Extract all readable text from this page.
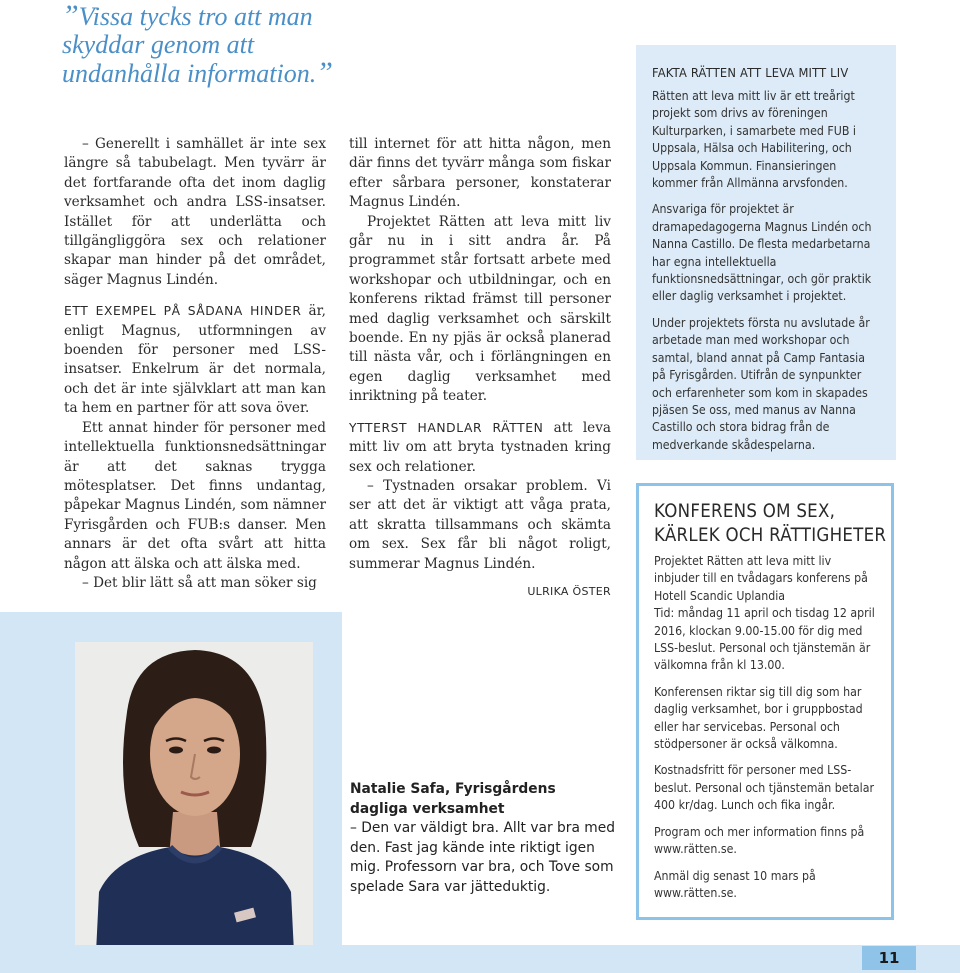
”Vissa tycks tro att man skyddar genom att undanhålla information.”

– Generellt i samhället är inte sex längre så tabubelagt. Men tyvärr är det fortfarande ofta det inom daglig verksamhet och andra LSS-insatser. Istället för att underlätta och tillgängliggöra sex och relationer skapar man hinder på det området, säger Magnus Lindén.

ETT EXEMPEL PÅ SÅDANA HINDER är, enligt Magnus, utformningen av boenden för personer med LSS-insatser. Enkelrum är det normala, och det är inte självklart att man kan ta hem en partner för att sova över.

Ett annat hinder för personer med intellektuella funktionsnedsättningar är att det saknas trygga mötesplatser. Det finns undantag, påpekar Magnus Lindén, som nämner Fyrisgården och FUB:s danser. Men annars är det ofta svårt att hitta någon att älska och att älska med.

– Det blir lätt så att man söker sig

till internet för att hitta någon, men där finns det tyvärr många som fiskar efter sårbara personer, konstaterar Magnus Lindén.

Projektet Rätten att leva mitt liv går nu in i sitt andra år. På programmet står fortsatt arbete med workshopar och utbildningar, och en konferens riktad främst till personer med daglig verksamhet och särskilt boende. En ny pjäs är också planerad till nästa vår, och i förlängningen en egen daglig verksamhet med inriktning på teater.

YTTERST HANDLAR RÄTTEN att leva mitt liv om att bryta tystnaden kring sex och relationer.

– Tystnaden orsakar problem. Vi ser att det är viktigt att våga prata, att skratta tillsammans och skämta om sex. Sex får bli något roligt, summerar Magnus Lindén.

ULRIKA ÖSTER

FAKTA RÄTTEN ATT LEVA MITT LIV

Rätten att leva mitt liv är ett treårigt projekt som drivs av föreningen Kulturparken, i samarbete med FUB i Uppsala, Hälsa och Habilitering, och Uppsala Kommun. Finansieringen kommer från Allmänna arvsfonden.

Ansvariga för projektet är dramapedagogerna Magnus Lindén och Nanna Castillo. De flesta medarbetarna har egna intellektuella funktionsnedsättningar, och gör praktik eller daglig verksamhet i projektet.

Under projektets första nu avslutade år arbetade man med workshopar och samtal, bland annat på Camp Fantasia på Fyrisgården. Utifrån de synpunkter och erfarenheter som kom in skapades pjäsen Se oss, med manus av Nanna Castillo och stora bidrag från de medverkande skådespelarna.

KONFERENS OM SEX,
KÄRLEK OCH RÄTTIGHETER

Projektet Rätten att leva mitt liv inbjuder till en tvådagars konferens på Hotell Scandic Uplandia

Tid: måndag 11 april och tisdag 12 april 2016, klockan 9.00-15.00 för dig med LSS-beslut. Personal och tjänstemän är välkomna från kl 13.00.

Konferensen riktar sig till dig som har daglig verksamhet, bor i gruppbostad eller har servicebas. Personal och stödpersoner är också välkomna.

Kostnadsfritt för personer med LSS-beslut. Personal och tjänstemän betalar 400 kr/dag. Lunch och fika ingår.

Program och mer information finns på www.rätten.se.

Anmäl dig senast 10 mars på www.rätten.se.

Natalie Safa, Fyrisgårdens
dagliga verksamhet

– Den var väldigt bra. Allt var bra med den. Fast jag kände inte riktigt igen mig. Professorn var bra, och Tove som spelade Sara var jätteduktig.

11
